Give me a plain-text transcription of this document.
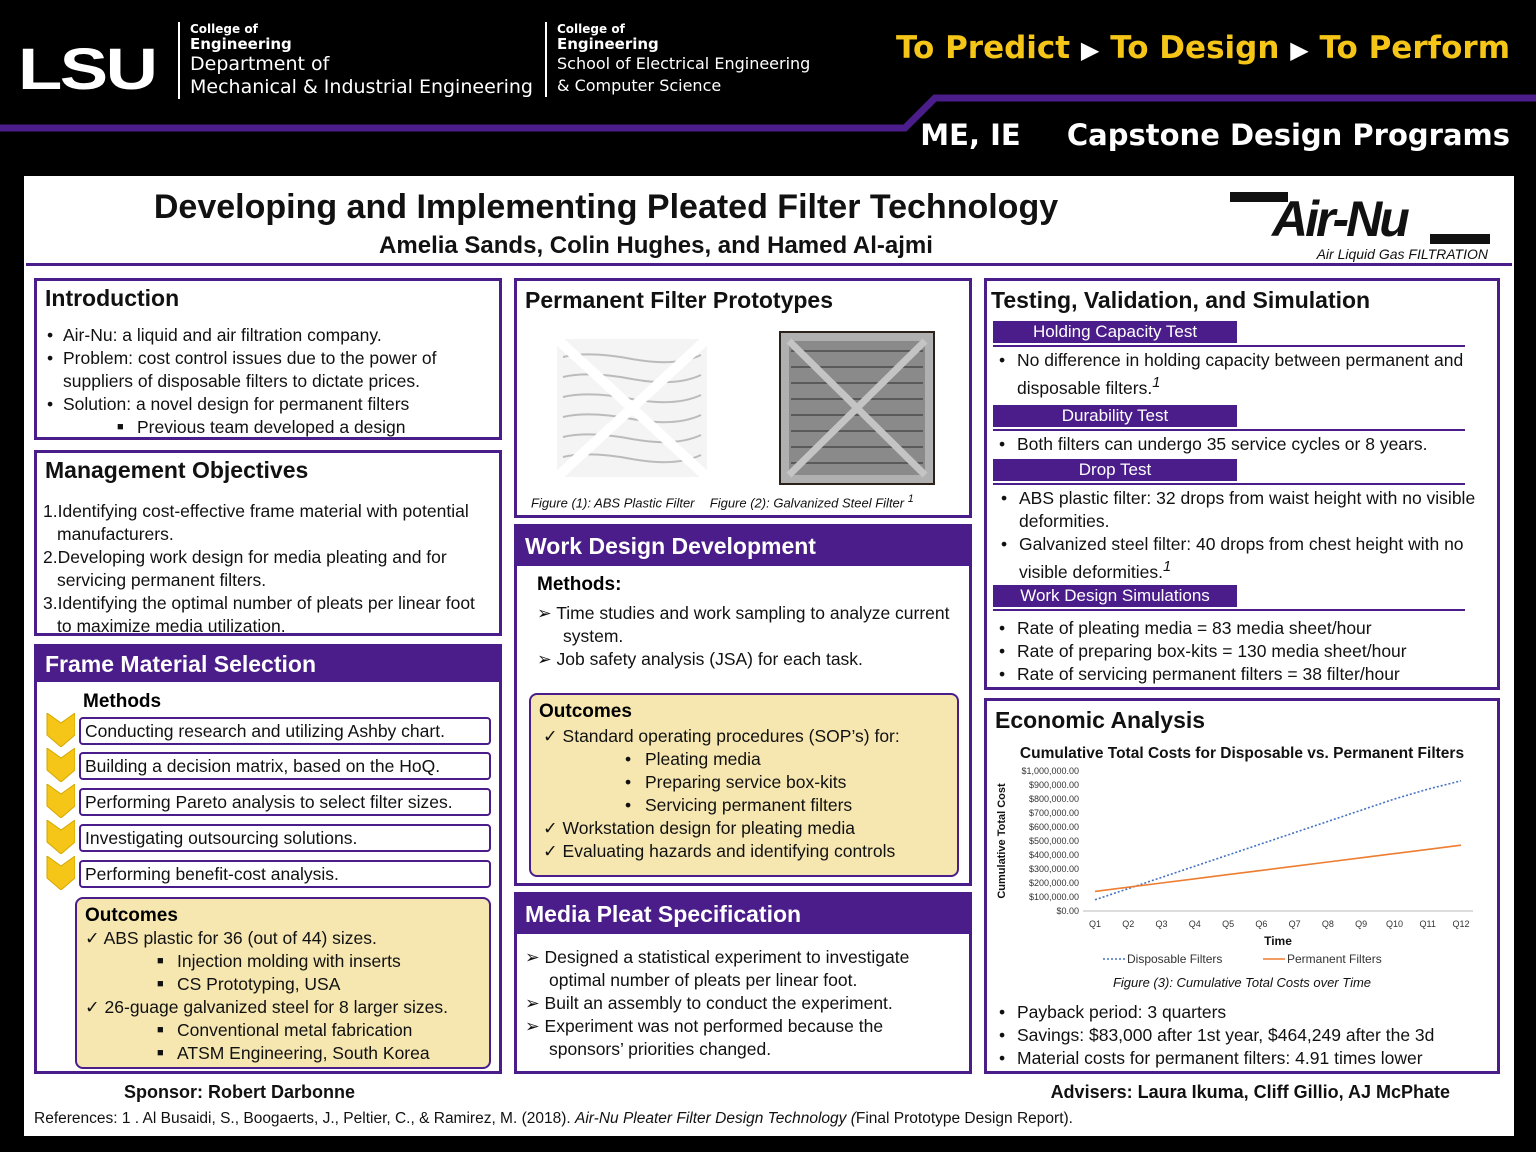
LSU
College of
Engineering
Department of
Mechanical & Industrial Engineering
College of
Engineering
School of Electrical Engineering
& Computer Science
To Predict ▶ To Design ▶ To Perform
ME, IE Capstone Design Programs
Developing and Implementing Pleated Filter Technology
Amelia Sands, Colin Hughes, and Hamed Al-ajmi	Air-Nu
Air Liquid Gas FILTRATION
Introduction
• Air-Nu: a liquid and air filtration company.
• Problem: cost control issues due to the power of suppliers of disposable filters to dictate prices.
• Solution: a novel design for permanent filters
■ Previous team developed a design
Management Objectives
1.Identifying cost-effective frame material with potential manufacturers.
2.Developing work design for media pleating and for servicing permanent filters.
3.Identifying the optimal number of pleats per linear foot to maximize media utilization.
Frame Material Selection
Methods
Conducting research and utilizing Ashby chart.
Building a decision matrix, based on the HoQ.
Performing Pareto analysis to select filter sizes.
Investigating outsourcing solutions.
Performing benefit-cost analysis.
Outcomes
✓ ABS plastic for 36 (out of 44) sizes.
■ Injection molding with inserts
■ CS Prototyping, USA
✓ 26-guage galvanized steel for 8 larger sizes.
■ Conventional metal fabrication
■ ATSM Engineering, South Korea
Permanent Filter Prototypes
Figure (1): ABS Plastic Filter Figure (2): Galvanized Steel Filter $^1$
Work Design Development
Methods:
➢ Time studies and work sampling to analyze current system.
➢ Job safety analysis (JSA) for each task.
Outcomes
✓ Standard operating procedures (SOP’s) for:
• Pleating media
• Preparing service box-kits
• Servicing permanent filters
✓ Workstation design for pleating media
✓ Evaluating hazards and identifying controls
Media Pleat Specification
➢ Designed a statistical experiment to investigate optimal number of pleats per linear foot.
➢ Built an assembly to conduct the experiment.
➢ Experiment was not performed because the sponsors’ priorities changed.
Testing, Validation, and Simulation
Holding Capacity Test
• No difference in holding capacity between permanent and disposable filters.$^1$
Durability Test
• Both filters can undergo 35 service cycles or 8 years.
Drop Test
• ABS plastic filter: 32 drops from waist height with no visible deformities.
• Galvanized steel filter: 40 drops from chest height with no visible deformities.$^1$
Work Design Simulations
• Rate of pleating media = 83 media sheet/hour
• Rate of preparing box-kits = 130 media sheet/hour
• Rate of servicing permanent filters = 38 filter/hour
Economic Analysis
Cumulative Total Costs for Disposable vs. Permanent Filters
$0.00
$100,000.00
$200,000.00
$300,000.00
$400,000.00
$500,000.00
$600,000.00
$700,000.00
$800,000.00
$900,000.00
$1,000,000.00
Q1 Q2 Q3 Q4 Q5 Q6 Q7 Q8 Q9 Q10 Q11 Q12
Time
Cumulative Total Cost
Disposable Filters	Permanent Filters
Figure (3): Cumulative Total Costs over Time
• Payback period: 3 quarters
• Savings: $83,000 after 1st year, $464,249 after the 3d
• Material costs for permanent filters: 4.91 times lower
Sponsor: Robert Darbonne	Advisers: Laura Ikuma, Cliff Gillio, AJ McPhate
References: 1 . Al Busaidi, S., Boogaerts, J., Peltier, C., & Ramirez, M. (2018). Air-Nu Pleater Filter Design Technology (Final Prototype Design Report).
